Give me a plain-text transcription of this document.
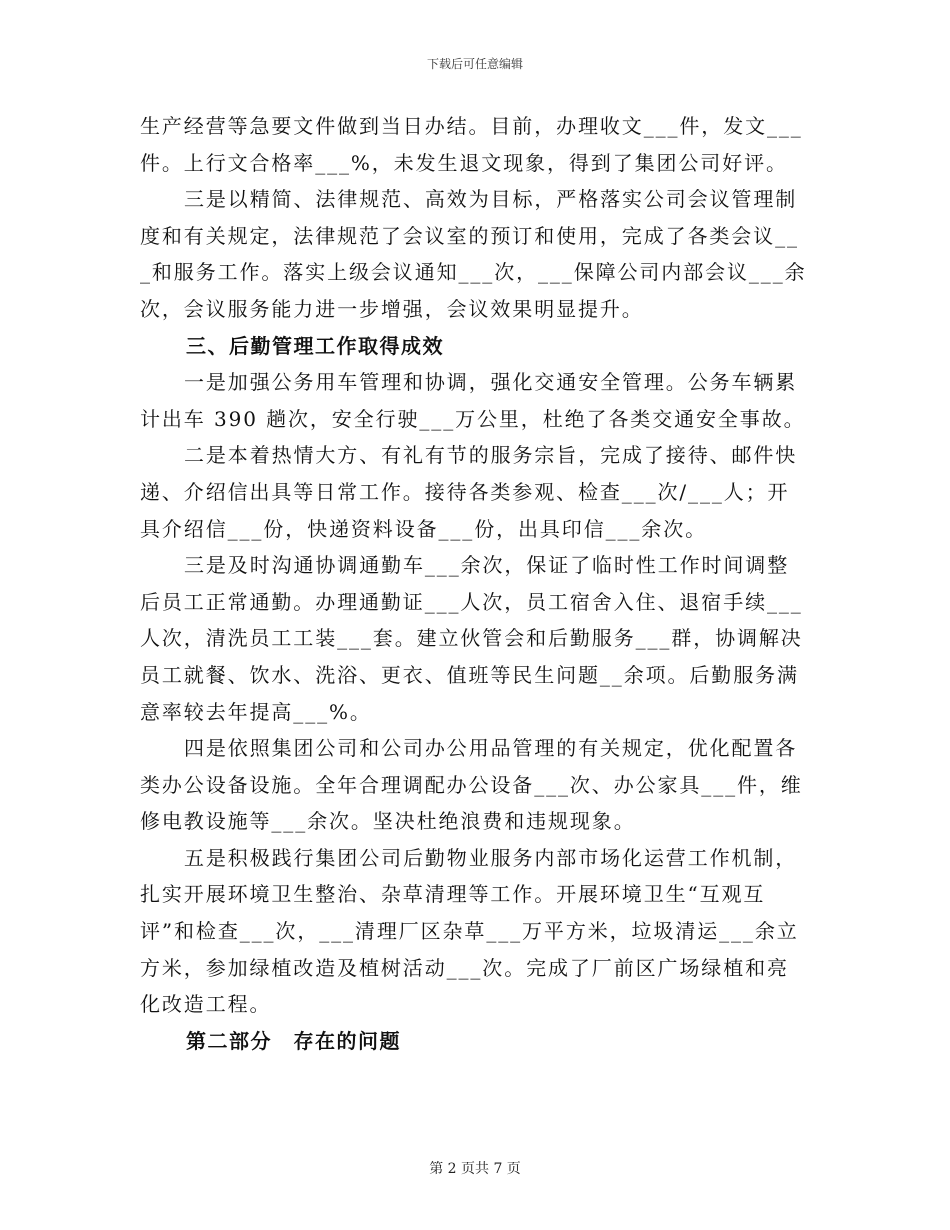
下载后可任意编辑

生产经营等急要文件做到当日办结。目前，办理收文___件，发文___件。上行文合格率___%，未发生退文现象，得到了集团公司好评。

三是以精简、法律规范、高效为目标，严格落实公司会议管理制度和有关规定，法律规范了会议室的预订和使用，完成了各类会议___和服务工作。落实上级会议通知___次，___保障公司内部会议___余次，会议服务能力进一步增强，会议效果明显提升。

三、后勤管理工作取得成效

一是加强公务用车管理和协调，强化交通安全管理。公务车辆累计出车 390 趟次，安全行驶___万公里，杜绝了各类交通安全事故。

二是本着热情大方、有礼有节的服务宗旨，完成了接待、邮件快递、介绍信出具等日常工作。接待各类参观、检查___次/___人；开具介绍信___份，快递资料设备___份，出具印信___余次。

三是及时沟通协调通勤车___余次，保证了临时性工作时间调整后员工正常通勤。办理通勤证___人次，员工宿舍入住、退宿手续___人次，清洗员工工装___套。建立伙管会和后勤服务___群，协调解决员工就餐、饮水、洗浴、更衣、值班等民生问题__余项。后勤服务满意率较去年提高___%。

四是依照集团公司和公司办公用品管理的有关规定，优化配置各类办公设备设施。全年合理调配办公设备___次、办公家具___件，维修电教设施等___余次。坚决杜绝浪费和违规现象。

五是积极践行集团公司后勤物业服务内部市场化运营工作机制，扎实开展环境卫生整治、杂草清理等工作。开展环境卫生“互观互评”和检查___次，___清理厂区杂草___万平方米，垃圾清运___余立方米，参加绿植改造及植树活动___次。完成了厂前区广场绿植和亮化改造工程。

第二部分　存在的问题

第 2 页共 7 页
